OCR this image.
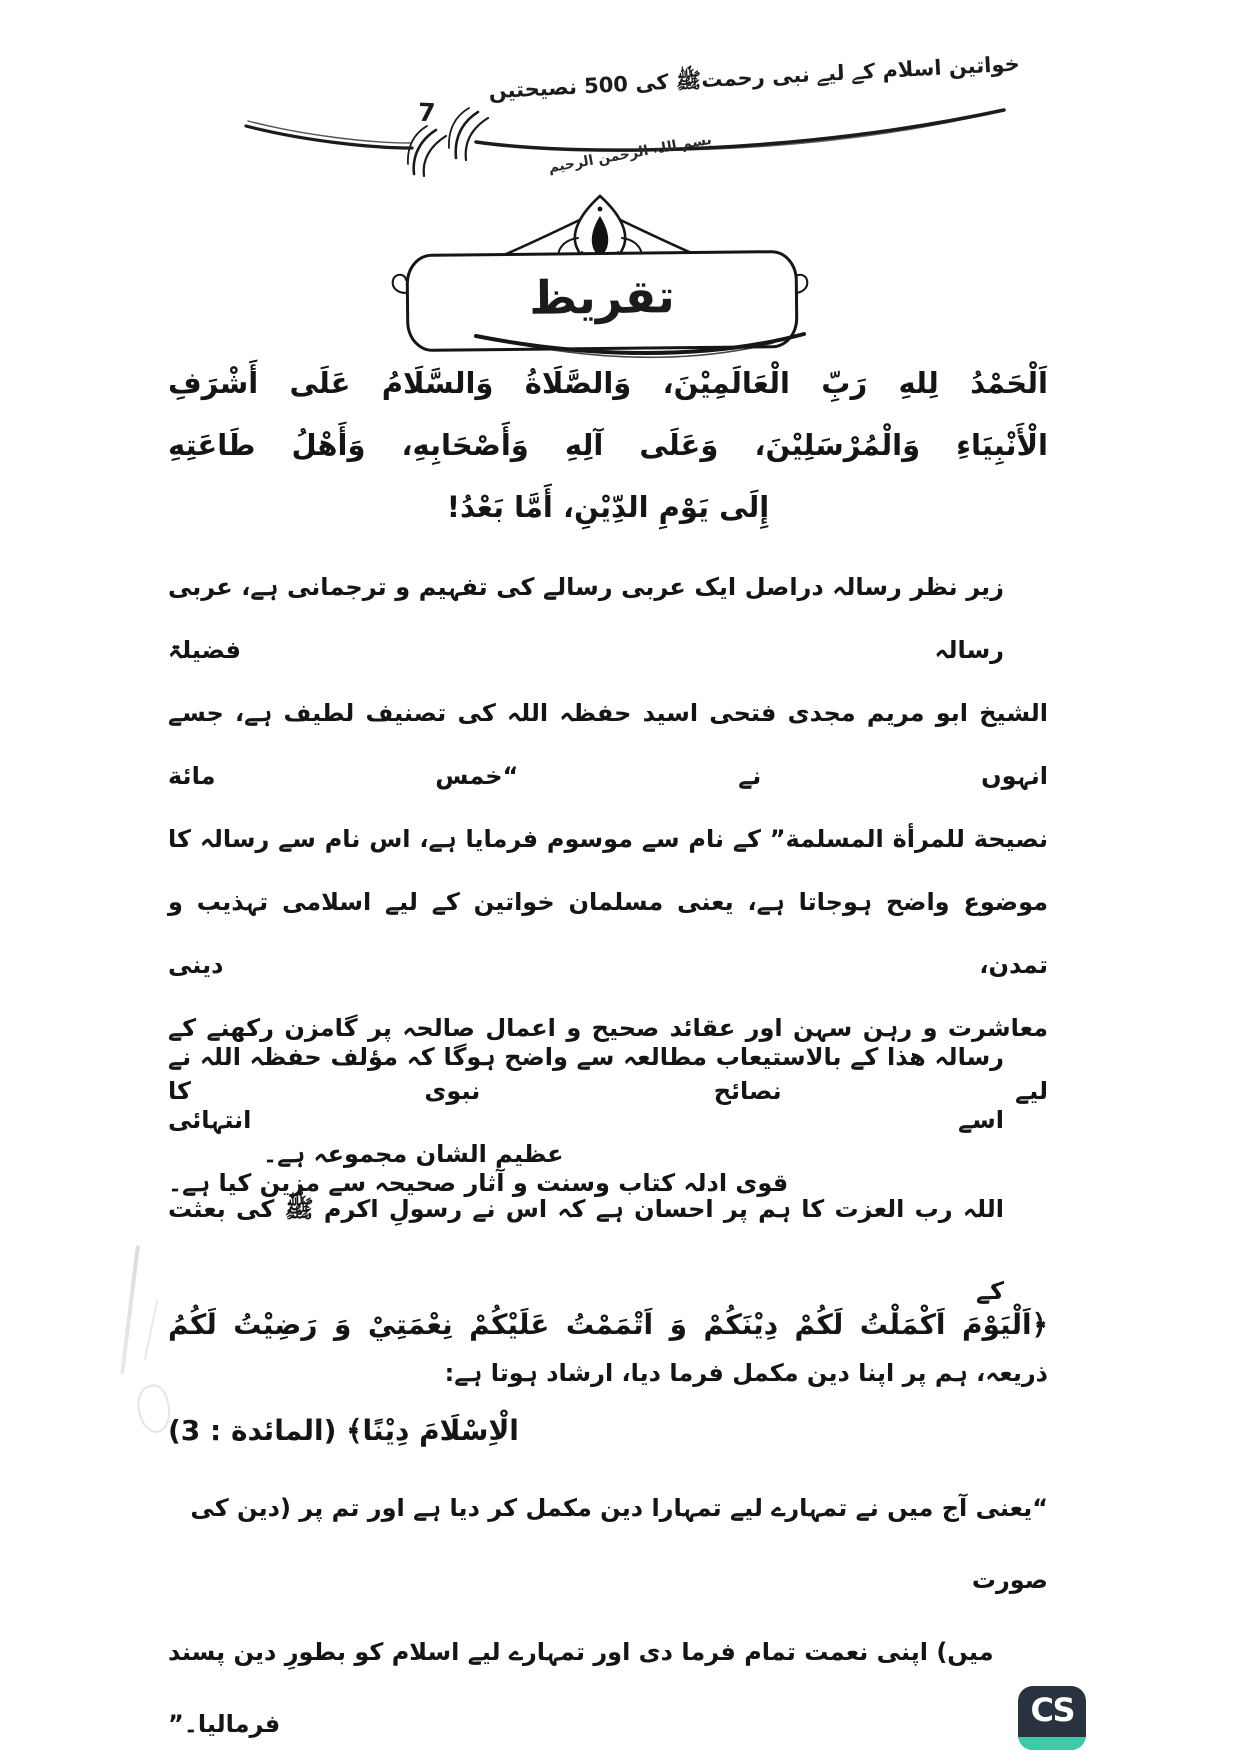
خواتین اسلام کے لیے نبی رحمتﷺ کی 500 نصیحتیں
7
بسم اللہ الرحمن الرحیم
تقریظ
اَلْحَمْدُ لِلهِ رَبِّ الْعَالَمِيْنَ، وَالصَّلَاةُ وَالسَّلَامُ عَلَى أَشْرَفِ
الْأَنْبِيَاءِ وَالْمُرْسَلِيْنَ، وَعَلَى آلِهِ وَأَصْحَابِهِ، وَأَهْلُ طَاعَتِهِ
إِلَى يَوْمِ الدِّيْنِ، أَمَّا بَعْدُ!
زیر نظر رسالہ دراصل ایک عربی رسالے کی تفہیم و ترجمانی ہے، عربی رسالہ فضیلۃ
الشیخ ابو مریم مجدی فتحی اسید حفظہ اللہ کی تصنیف لطیف ہے، جسے انہوں نے “خمس مائة
نصيحة للمرأة المسلمة” کے نام سے موسوم فرمایا ہے، اس نام سے رسالہ کا
موضوع واضح ہوجاتا ہے، یعنی مسلمان خواتین کے لیے اسلامی تہذیب و تمدن، دینی
معاشرت و رہن سہن اور عقائد صحیح و اعمال صالحہ پر گامزن رکھنے کے لیے نصائح نبوی کا
عظیم الشان مجموعہ ہے۔
رسالہ ھذا کے بالاستیعاب مطالعہ سے واضح ہوگا کہ مؤلف حفظہ اللہ نے اسے انتہائی
قوی ادلہ کتاب وسنت و آثار صحیحہ سے مزین کیا ہے۔
اللہ رب العزت کا ہم پر احسان ہے کہ اس نے رسولِ اکرم ﷺ کی بعثت کے
ذریعہ، ہم پر اپنا دین مکمل فرما دیا، ارشاد ہوتا ہے:
﴿اَلْيَوْمَ اَكْمَلْتُ لَكُمْ دِيْنَكُمْ وَ اَتْمَمْتُ عَلَيْكُمْ نِعْمَتِيْ وَ رَضِيْتُ لَكُمُ
الْاِسْلَامَ دِيْنًا﴾ (المائدة : 3)
“یعنی آج میں نے تمہارے لیے تمہارا دین مکمل کر دیا ہے اور تم پر (دین کی صورت
میں) اپنی نعمت تمام فرما دی اور تمہارے لیے اسلام کو بطورِ دین پسند فرمالیا۔”	CS
